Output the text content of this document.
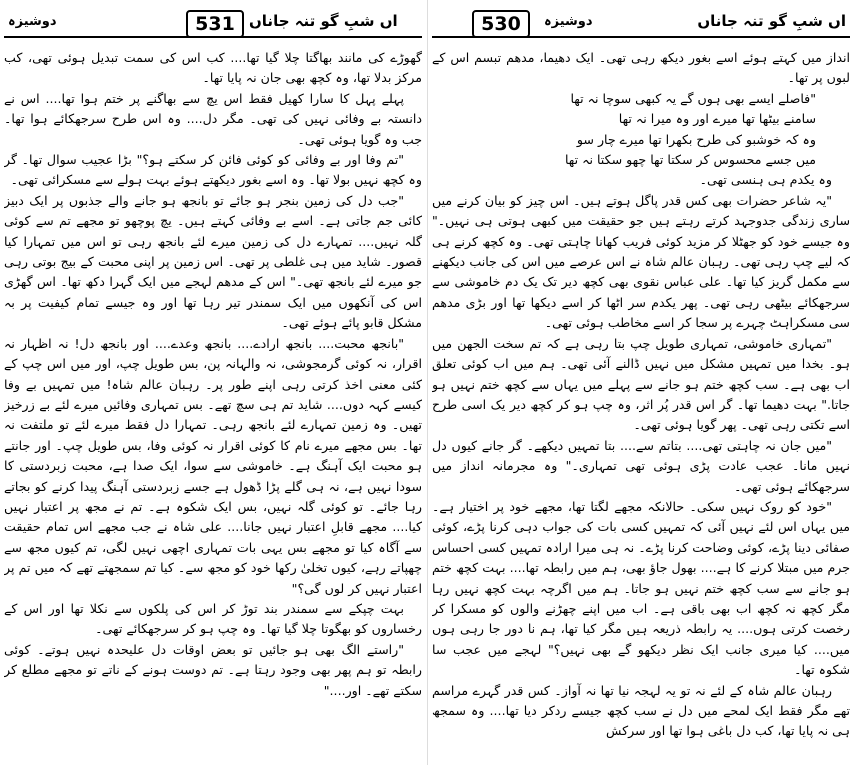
دوشیزہ	531 اں شبِ گو تنہ جاناں

گھوڑے کی مانند بھاگتا چلا گیا تھا.... کب اس کی سمت تبدیل ہوئی تھی، کب مرکز بدلا تھا، وہ کچھ بھی جان نہ پایا تھا۔

پہلے پہل کا سارا کھیل فقط اس یچ سے بھاگنے پر ختم ہوا تھا.... اس نے دانستہ بے وفائی نہیں کی تھی۔ مگر دل.... وہ اس طرح سرجھکائے ہوا تھا۔ جب وہ گویا ہوئی تھی۔

"تم وفا اور بے وفائی کو کوئی فائن کر سکتے ہو؟" بڑا عجیب سوال تھا۔ گر وہ کچھ نہیں بولا تھا۔ وہ اسے بغور دیکھتے ہوئے بہت ہولے سے مسکرائی تھی۔

"جب دل کی زمین بنجر ہو جائے تو بانجھ ہو جانے والے جذبوں پر ایک دبیز کائی جم جاتی ہے۔ اسے بے وفائی کہتے ہیں۔ یچ پوچھو تو مجھے تم سے کوئی گلہ نہیں.... تمہارے دل کی زمین میرے لئے بانجھ رہی تو اس میں تمہارا کیا قصور۔ شاید میں ہی غلطی پر تھی۔ اس زمین پر اپنی محبت کے بیج بوتی رہی جو میرے لئے بانجھ تھی۔" اس کے مدھم لہجے میں ایک گہرا دکھ تھا۔ اس گھڑی اس کی آنکھوں میں ایک سمندر تیر رہا تھا اور وہ جیسے تمام کیفیت پر بہ مشکل قابو پائے ہوئے تھی۔

"بانجھ محبت.... بانجھ ارادے.... بانجھ وعدے.... اور بانجھ دل! نہ اظہار نہ اقرار، نہ کوئی گرمجوشی، نہ والہانہ پن، بس طویل چپ، اور میں اس چپ کے کئی معنی اخذ کرتی رہی اپنے طور پر۔ رہبان عالم شاہ! میں تمہیں بے وفا کیسے کہہ دوں.... شاید تم ہی سچ تھے۔ بس تمہاری وفائیں میرے لئے بے زرخیز تھیں۔ وہ زمین تمہارے لئے بانجھ رہی۔ تمہارا دل فقط میرے لئے تو ملتفت نہ تھا۔ بس مجھے میرے نام کا کوئی اقرار نہ کوئی وفا، بس طویل چپ۔ اور جانتے ہو محبت ایک آہنگ ہے۔ خاموشی سے سوا، ایک صدا ہے، محبت زبردستی کا سودا نہیں ہے، نہ ہی گلے پڑا ڈھول ہے جسے زبردستی آہنگ پیدا کرنے کو بجاتے رہا جائے۔ تو کوئی گلہ نہیں، بس ایک شکوہ ہے۔ تم نے مجھ پر اعتبار نہیں کیا.... مجھے قابلِ اعتبار نہیں جانا.... علی شاہ نے جب مجھے اس تمام حقیقت سے آگاہ کیا تو مجھے بس یہی بات تمہاری اچھی نہیں لگی، تم کیوں مجھ سے چھپاتے رہے، کیوں تخلیٰ رکھا خود کو مجھ سے۔ کیا تم سمجھتے تھے کہ میں تم پر اعتبار نہیں کر لوں گی؟"

بہت چپکے سے سمندر بند توڑ کر اس کی پلکوں سے نکلا تھا اور اس کے رخساروں کو بھگوتا چلا گیا تھا۔ وہ چپ ہو کر سرجھکائے تھی۔

"راستے الگ بھی ہو جائیں تو بعض اوقات دل علیحدہ نہیں ہوتے۔ کوئی رابطہ تو ہم پھر بھی وجود رہتا ہے۔ تم دوست ہونے کے ناتے تو مجھے مطلع کر سکتے تھے۔ اور...."

530	دوشیزہ	اں شبِ گو تنہ جاناں

انداز میں کہتے ہوئے اسے بغور دیکھ رہی تھی۔ ایک دھیما، مدھم تبسم اس کے لبوں پر تھا۔

"فاصلے ایسے بھی ہوں گے یہ کبھی سوچا نہ تھا

سامنے بیٹھا تھا میرے اور وہ میرا نہ تھا

وہ کہ خوشبو کی طرح بکھرا تھا میرے چار سو

میں جسے محسوس کر سکتا تھا چھو سکتا نہ تھا

وہ یکدم ہی ہنسی تھی۔

"یہ شاعر حضرات بھی کس قدر پاگل ہوتے ہیں۔ اس چیز کو بیان کرنے میں ساری زندگی جدوجہد کرتے رہتے ہیں جو حقیقت میں کبھی ہوتی ہی نہیں۔" وہ جیسے خود کو جھٹلا کر مزید کوئی فریب کھانا چاہتی تھی۔ وہ کچھ کرنے ہی کہ لیے چپ رہی تھی۔ رہبان عالم شاہ نے اس عرصے میں اس کی جانب دیکھنے سے مکمل گریز کیا تھا۔ علی عباس نقوی بھی کچھ دیر تک یک دم خاموشی سے سرجھکائے بیٹھی رہی تھی۔ پھر یکدم سر اٹھا کر اسے دیکھا تھا اور بڑی مدھم سی مسکراہٹ چہرے پر سجا کر اسے مخاطب ہوئی تھی۔

"تمہاری خاموشی، تمہاری طویل چپ بتا رہی ہے کہ تم سخت الجھن میں ہو۔ بخدا میں تمہیں مشکل میں نہیں ڈالنے آئی تھی۔ ہم میں اب کوئی تعلق اب بھی ہے۔ سب کچھ ختم ہو جانے سے پہلے میں یہاں سے کچھ ختم نہیں ہو جاتا." بہت دھیما تھا۔ گر اس قدر پُر اثر، وہ چپ ہو کر کچھ دیر یک اسی طرح اسے تکتی رہی تھی۔ پھر گویا ہوئی تھی۔

"میں جان نہ چاہتی تھی.... بتاتم سے.... بتا تمہیں دیکھے۔ گر جانے کیوں دل نہیں مانا۔ عجب عادت پڑی ہوئی تھی تمہاری۔" وہ مجرمانہ انداز میں سرجھکائے ہوئی تھی۔

"خود کو روک نہیں سکی۔ حالانکہ مجھے لگتا تھا، مجھے خود پر اختیار ہے۔ میں یہاں اس لئے نہیں آئی کہ تمہیں کسی بات کی جواب دہی کرنا پڑے، کوئی صفائی دینا پڑے، کوئی وضاحت کرنا پڑے۔ نہ ہی میرا ارادہ تمہیں کسی احساس جرم میں مبتلا کرنے کا ہے.... بھول جاؤ بھی، ہم میں رابطہ تھا.... بہت کچھ ختم ہو جانے سے سب کچھ ختم نہیں ہو جاتا۔ ہم میں اگرچہ بہت کچھ نہیں رہا مگر کچھ نہ کچھ اب بھی باقی ہے۔ اب میں اپنے چھڑنے والوں کو مسکرا کر رخصت کرتی ہوں.... یہ رابطہ ذریعہ ہیں مگر کیا تھا، ہم نا دور جا رہی ہوں میں.... کیا میری جانب ایک نظر دیکھو گے بھی نہیں؟" لہجے میں عجب سا شکوہ تھا۔

رہبان عالم شاہ کے لئے نہ تو یہ لہجہ نیا تھا نہ آواز۔ کس قدر گہرے مراسم تھے مگر فقط ایک لمحے میں دل نے سب کچھ جیسے ردکر دیا تھا.... وہ سمجھ ہی نہ پایا تھا، کب دل باغی ہوا تھا اور سرکش
